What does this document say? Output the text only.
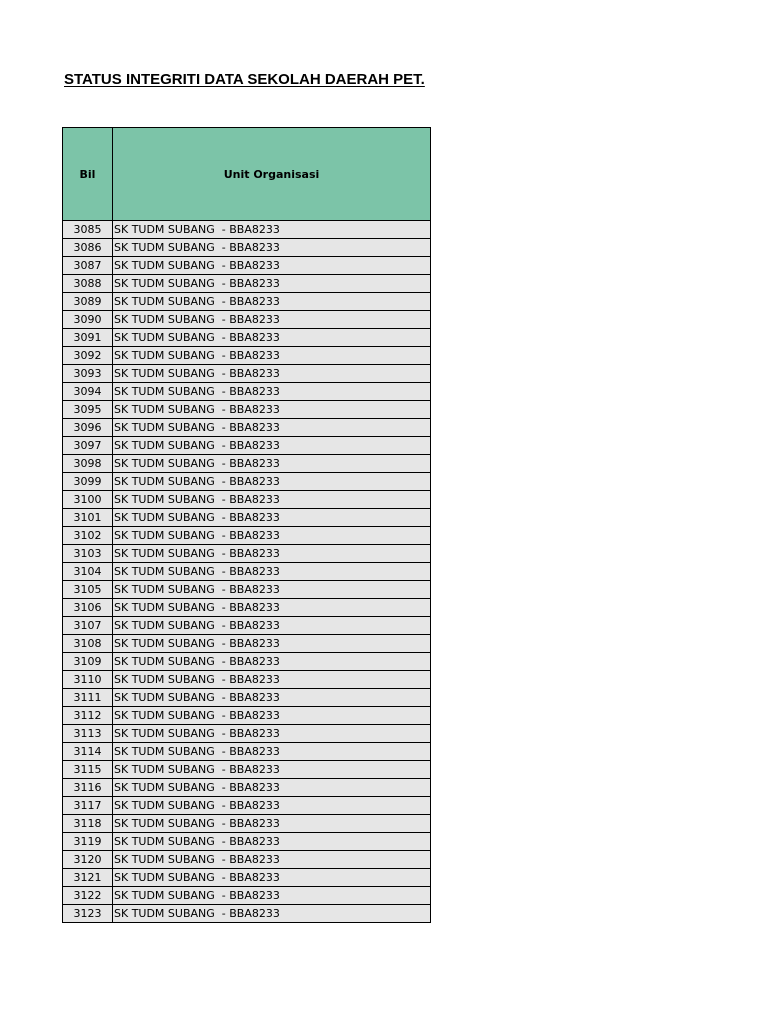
STATUS INTEGRITI DATA SEKOLAH DAERAH PET.
Bil	Unit Organisasi
3085	SK TUDM SUBANG  - BBA8233
3086	SK TUDM SUBANG  - BBA8233
3087	SK TUDM SUBANG  - BBA8233
3088	SK TUDM SUBANG  - BBA8233
3089	SK TUDM SUBANG  - BBA8233
3090	SK TUDM SUBANG  - BBA8233
3091	SK TUDM SUBANG  - BBA8233
3092	SK TUDM SUBANG  - BBA8233
3093	SK TUDM SUBANG  - BBA8233
3094	SK TUDM SUBANG  - BBA8233
3095	SK TUDM SUBANG  - BBA8233
3096	SK TUDM SUBANG  - BBA8233
3097	SK TUDM SUBANG  - BBA8233
3098	SK TUDM SUBANG  - BBA8233
3099	SK TUDM SUBANG  - BBA8233
3100	SK TUDM SUBANG  - BBA8233
3101	SK TUDM SUBANG  - BBA8233
3102	SK TUDM SUBANG  - BBA8233
3103	SK TUDM SUBANG  - BBA8233
3104	SK TUDM SUBANG  - BBA8233
3105	SK TUDM SUBANG  - BBA8233
3106	SK TUDM SUBANG  - BBA8233
3107	SK TUDM SUBANG  - BBA8233
3108	SK TUDM SUBANG  - BBA8233
3109	SK TUDM SUBANG  - BBA8233
3110	SK TUDM SUBANG  - BBA8233
3111	SK TUDM SUBANG  - BBA8233
3112	SK TUDM SUBANG  - BBA8233
3113	SK TUDM SUBANG  - BBA8233
3114	SK TUDM SUBANG  - BBA8233
3115	SK TUDM SUBANG  - BBA8233
3116	SK TUDM SUBANG  - BBA8233
3117	SK TUDM SUBANG  - BBA8233
3118	SK TUDM SUBANG  - BBA8233
3119	SK TUDM SUBANG  - BBA8233
3120	SK TUDM SUBANG  - BBA8233
3121	SK TUDM SUBANG  - BBA8233
3122	SK TUDM SUBANG  - BBA8233
3123	SK TUDM SUBANG  - BBA8233
